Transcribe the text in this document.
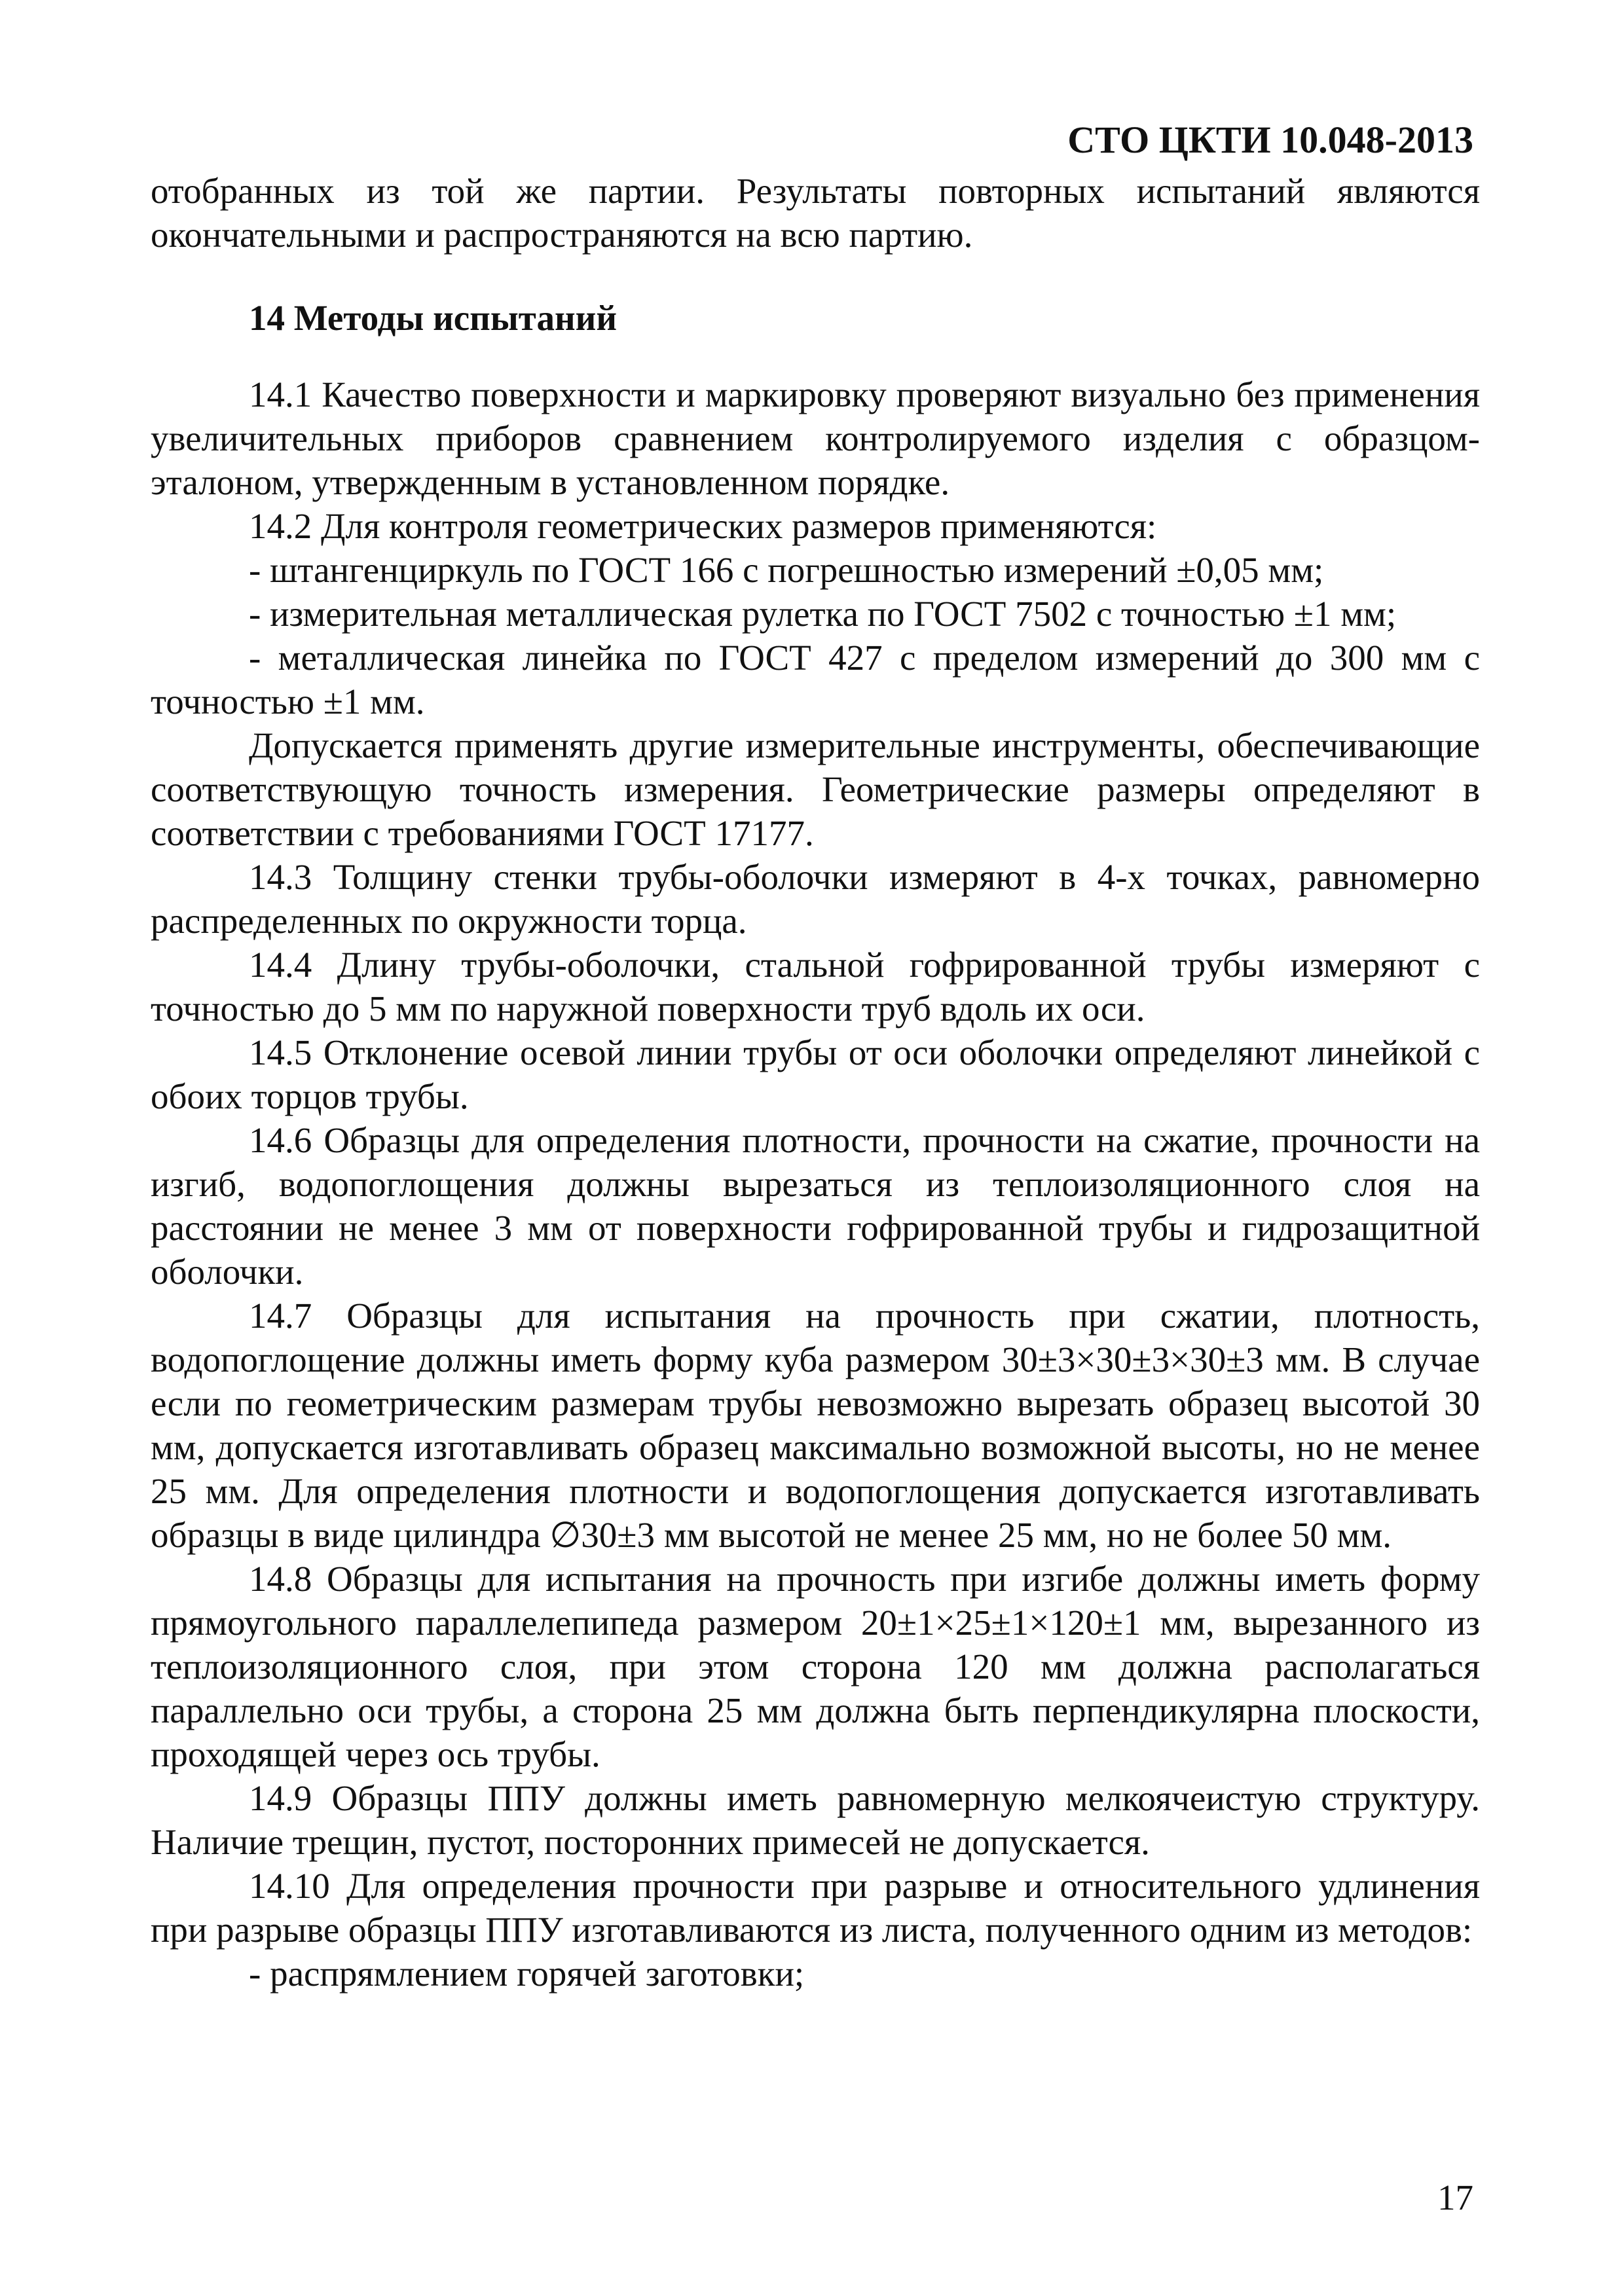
СТО ЦКТИ 10.048-2013

отобранных из той же партии. Результаты повторных испытаний являются окончательными и распространяются на всю партию.

14 Методы испытаний

14.1 Качество поверхности и маркировку проверяют визуально без применения увеличительных приборов сравнением контролируемого изделия с образцом-эталоном, утвержденным в установленном порядке.

14.2 Для контроля геометрических размеров применяются:

- штангенциркуль по ГОСТ 166 с погрешностью измерений ±0,05 мм;

- измерительная металлическая рулетка по ГОСТ 7502 с точностью ±1 мм;

- металлическая линейка по ГОСТ 427 с пределом измерений до 300 мм с точностью ±1 мм.

Допускается применять другие измерительные инструменты, обеспечивающие соответствующую точность измерения. Геометрические размеры определяют в соответствии с требованиями ГОСТ 17177.

14.3 Толщину стенки трубы-оболочки измеряют в 4-х точках, равномерно распределенных по окружности торца.

14.4 Длину трубы-оболочки, стальной гофрированной трубы измеряют с точностью до 5 мм по наружной поверхности труб вдоль их оси.

14.5 Отклонение осевой линии трубы от оси оболочки определяют линейкой с обоих торцов трубы.

14.6 Образцы для определения плотности, прочности на сжатие, прочности на изгиб, водопоглощения должны вырезаться из теплоизоляционного слоя на расстоянии не менее 3 мм от поверхности гофрированной трубы и гидрозащитной оболочки.

14.7 Образцы для испытания на прочность при сжатии, плотность, водопоглощение должны иметь форму куба размером 30±3×30±3×30±3 мм. В случае если по геометрическим размерам трубы невозможно вырезать образец высотой 30 мм, допускается изготавливать образец максимально возможной высоты, но не менее 25 мм. Для определения плотности и водопоглощения допускается изготавливать образцы в виде цилиндра ∅30±3 мм высотой не менее 25 мм, но не более 50 мм.

14.8 Образцы для испытания на прочность при изгибе должны иметь форму прямоугольного параллелепипеда размером 20±1×25±1×120±1 мм, вырезанного из теплоизоляционного слоя, при этом сторона 120 мм должна располагаться параллельно оси трубы, а сторона 25 мм должна быть перпендикулярна плоскости, проходящей через ось трубы.

14.9 Образцы ППУ должны иметь равномерную мелкоячеистую структуру. Наличие трещин, пустот, посторонних примесей не допускается.

14.10 Для определения прочности при разрыве и относительного удлинения при разрыве образцы ППУ изготавливаются из листа, полученного одним из методов:

- распрямлением горячей заготовки;

17
